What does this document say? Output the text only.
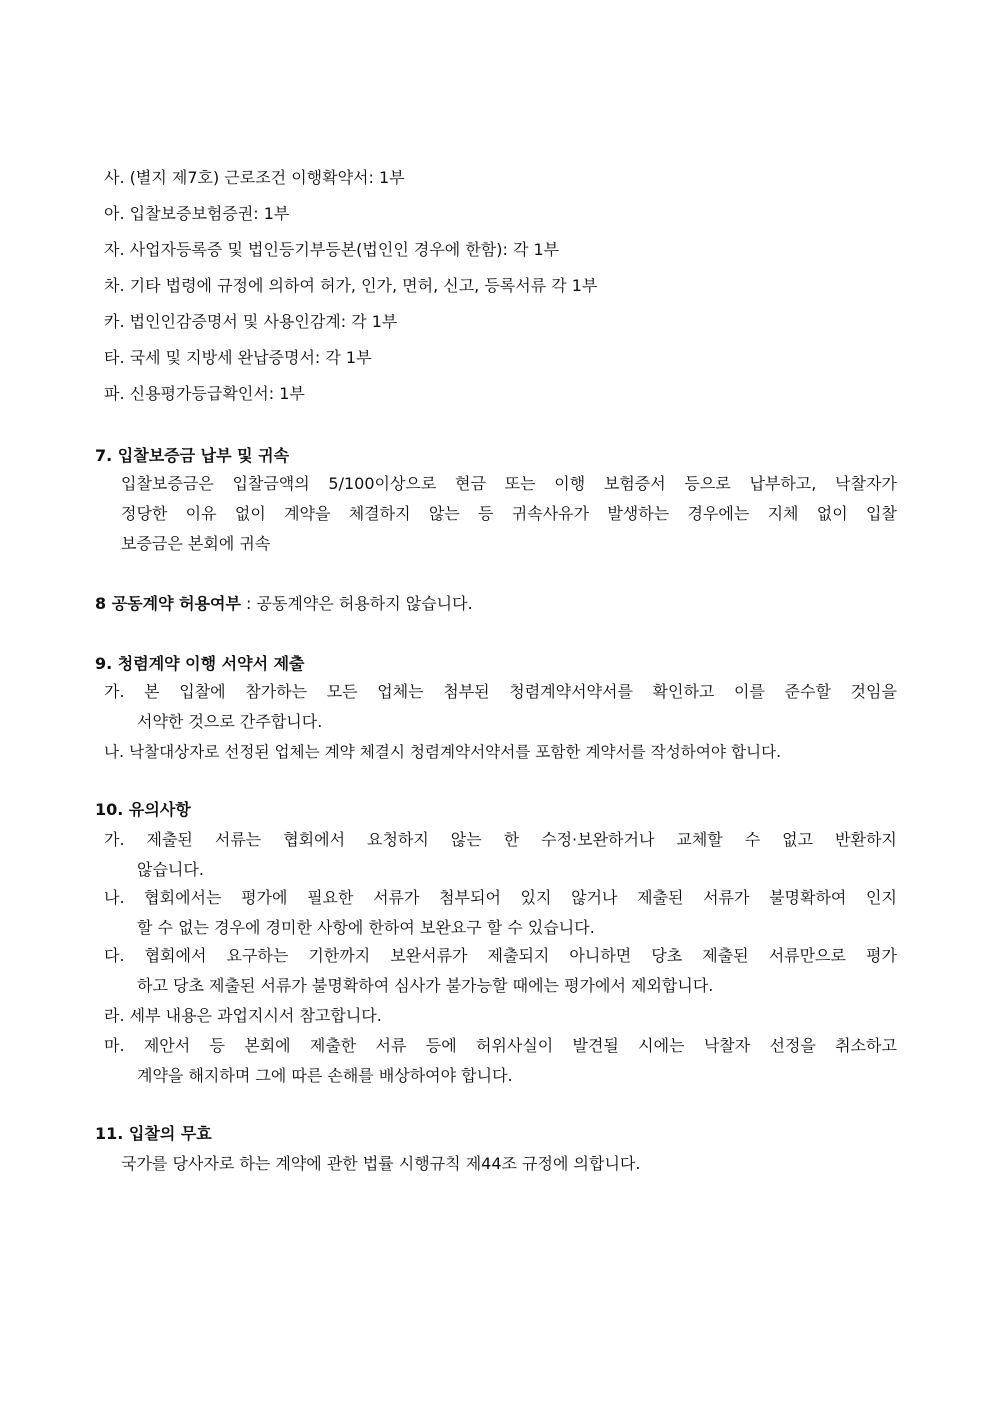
사. (별지 제7호) 근로조건 이행확약서: 1부
아. 입찰보증보험증권: 1부
자. 사업자등록증 및 법인등기부등본(법인인 경우에 한함): 각 1부
차. 기타 법령에 규정에 의하여 허가, 인가, 면허, 신고, 등록서류 각 1부
카. 법인인감증명서 및 사용인감계: 각 1부
타. 국세 및 지방세 완납증명서: 각 1부
파. 신용평가등급확인서: 1부
7. 입찰보증금 납부 및 귀속
입찰보증금은 입찰금액의 5/100이상으로 현금 또는 이행 보험증서 등으로 납부하고, 낙찰자가
정당한 이유 없이 계약을 체결하지 않는 등 귀속사유가 발생하는 경우에는 지체 없이 입찰
보증금은 본회에 귀속
8 공동계약 허용여부 : 공동계약은 허용하지 않습니다.
9. 청렴계약 이행 서약서 제출
가. 본 입찰에 참가하는 모든 업체는 첨부된 청렴계약서약서를 확인하고 이를 준수할 것임을
서약한 것으로 간주합니다.
나. 낙찰대상자로 선정된 업체는 계약 체결시 청렴계약서약서를 포함한 계약서를 작성하여야 합니다.
10. 유의사항
가. 제출된 서류는 협회에서 요청하지 않는 한 수정·보완하거나 교체할 수 없고 반환하지
않습니다.
나. 협회에서는 평가에 필요한 서류가 첨부되어 있지 않거나 제출된 서류가 불명확하여 인지
할 수 없는 경우에 경미한 사항에 한하여 보완요구 할 수 있습니다.
다. 협회에서 요구하는 기한까지 보완서류가 제출되지 아니하면 당초 제출된 서류만으로 평가
하고 당초 제출된 서류가 불명확하여 심사가 불가능할 때에는 평가에서 제외합니다.
라. 세부 내용은 과업지시서 참고합니다.
마. 제안서 등 본회에 제출한 서류 등에 허위사실이 발견될 시에는 낙찰자 선정을 취소하고
계약을 해지하며 그에 따른 손해를 배상하여야 합니다.
11. 입찰의 무효
국가를 당사자로 하는 계약에 관한 법률 시행규칙 제44조 규정에 의합니다.
